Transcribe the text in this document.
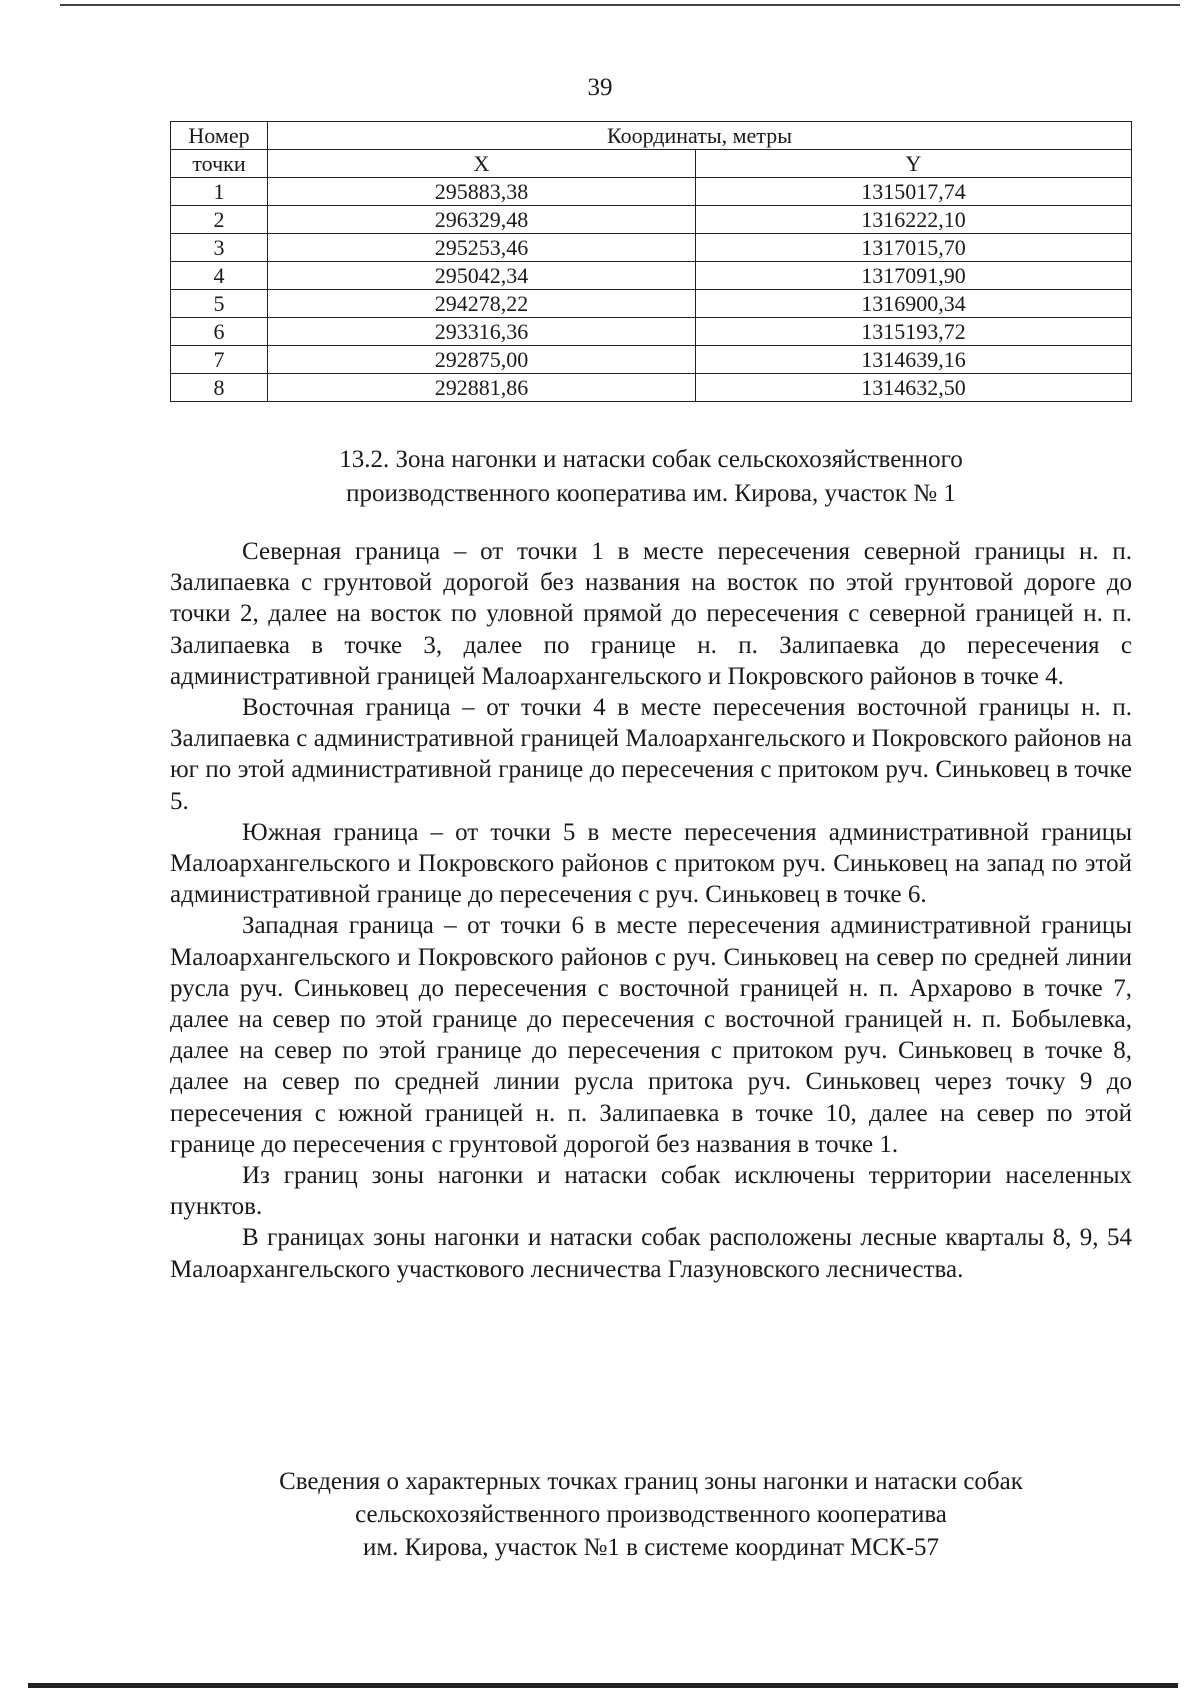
39
Номер	Координаты, метры	
точки	X	Y
1	295883,38	1315017,74
2	296329,48	1316222,10
3	295253,46	1317015,70
4	295042,34	1317091,90
5	294278,22	1316900,34
6	293316,36	1315193,72
7	292875,00	1314639,16
8	292881,86	1314632,50
13.2. Зона нагонки и натаски собак сельскохозяйственного
производственного кооператива им. Кирова, участок № 1

Северная граница – от точки 1 в месте пересечения северной границы н. п. Залипаевка с грунтовой дорогой без названия на восток по этой грунтовой дороге до точки 2, далее на восток по уловной прямой до пересечения с северной границей н. п. Залипаевка в точке 3, далее по границе н. п. Залипаевка до пересечения с административной границей Малоархангельского и Покровского районов в точке 4.

Восточная граница – от точки 4 в месте пересечения восточной границы н. п. Залипаевка с административной границей Малоархангельского и Покровского районов на юг по этой административной границе до пересечения с притоком руч. Синьковец в точке 5.

Южная граница – от точки 5 в месте пересечения административной границы Малоархангельского и Покровского районов с притоком руч. Синьковец на запад по этой административной границе до пересечения с руч. Синьковец в точке 6.

Западная граница – от точки 6 в месте пересечения административной границы Малоархангельского и Покровского районов с руч. Синьковец на север по средней линии русла руч. Синьковец до пересечения с восточной границей н. п. Архарово в точке 7, далее на север по этой границе до пересечения с восточной границей н. п. Бобылевка, далее на север по этой границе до пересечения с притоком руч. Синьковец в точке 8, далее на север по средней линии русла притока руч. Синьковец через точку 9 до пересечения с южной границей н. п. Залипаевка в точке 10, далее на север по этой границе до пересечения с грунтовой дорогой без названия в точке 1.

Из границ зоны нагонки и натаски собак исключены территории населенных пунктов.

В границах зоны нагонки и натаски собак расположены лесные кварталы 8, 9, 54 Малоархангельского участкового лесничества Глазуновского лесничества.

Сведения о характерных точках границ зоны нагонки и натаски собак
сельскохозяйственного производственного кооператива
им. Кирова, участок №1 в системе координат МСК-57
